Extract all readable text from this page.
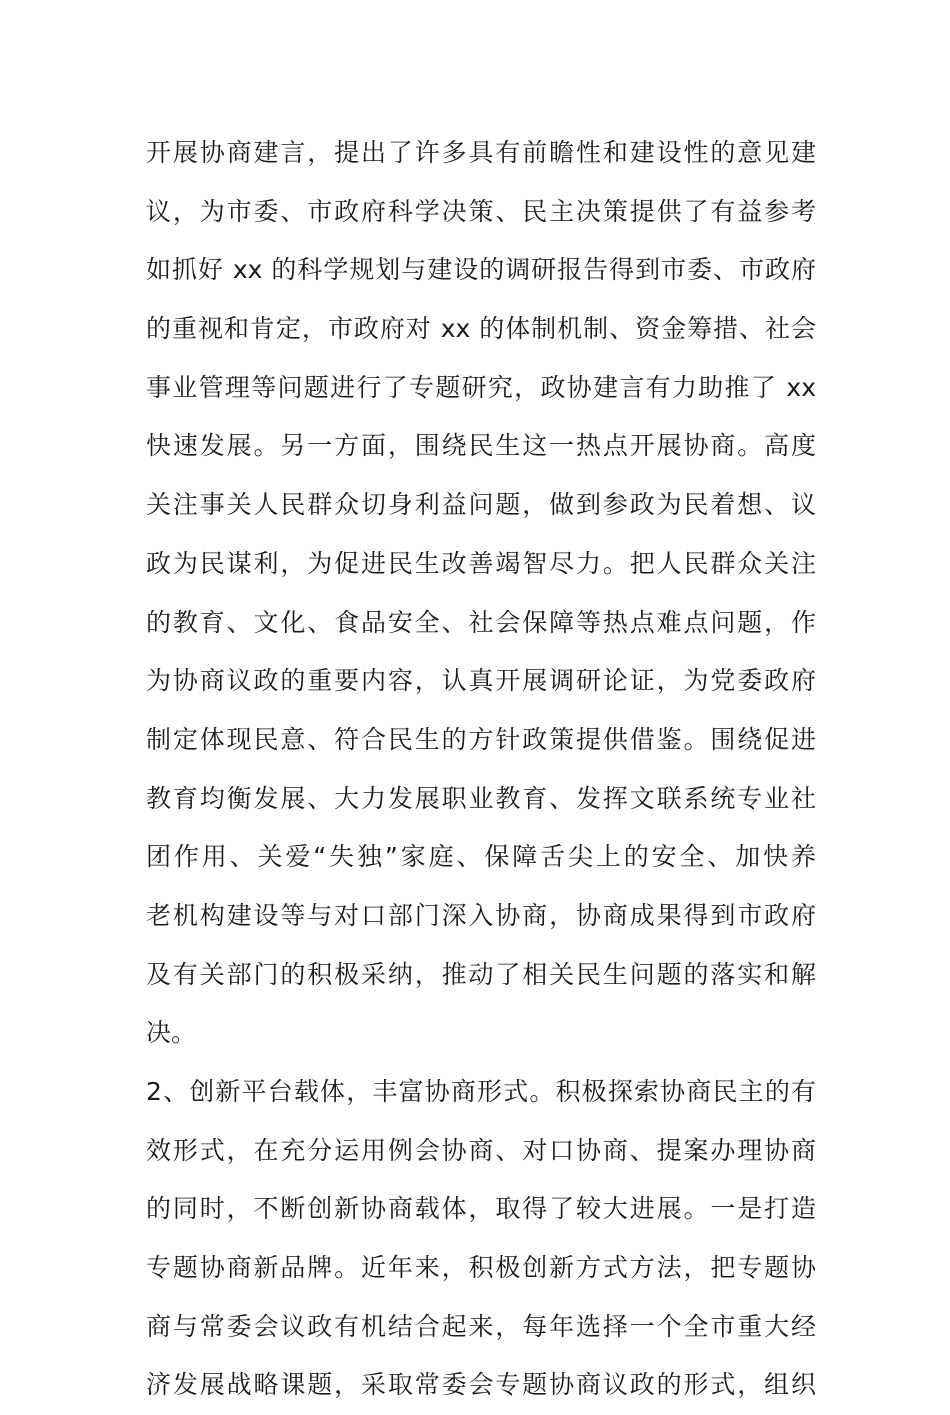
开展协商建言，提出了许多具有前瞻性和建设性的意见建
议，为市委、市政府科学决策、民主决策提供了有益参考
如抓好 xx 的科学规划与建设的调研报告得到市委、市政府
的重视和肯定，市政府对 xx 的体制机制、资金筹措、社会
事业管理等问题进行了专题研究，政协建言有力助推了 xx
快速发展。另一方面，围绕民生这一热点开展协商。高度
关注事关人民群众切身利益问题，做到参政为民着想、议
政为民谋利，为促进民生改善竭智尽力。把人民群众关注
的教育、文化、食品安全、社会保障等热点难点问题，作
为协商议政的重要内容，认真开展调研论证，为党委政府
制定体现民意、符合民生的方针政策提供借鉴。围绕促进
教育均衡发展、大力发展职业教育、发挥文联系统专业社
团作用、关爱“失独”家庭、保障舌尖上的安全、加快养
老机构建设等与对口部门深入协商，协商成果得到市政府
及有关部门的积极采纳，推动了相关民生问题的落实和解
决。
2、创新平台载体，丰富协商形式。积极探索协商民主的有
效形式，在充分运用例会协商、对口协商、提案办理协商
的同时，不断创新协商载体，取得了较大进展。一是打造
专题协商新品牌。近年来，积极创新方式方法，把专题协
商与常委会议政有机结合起来，每年选择一个全市重大经
济发展战略课题，采取常委会专题协商议政的形式，组织
